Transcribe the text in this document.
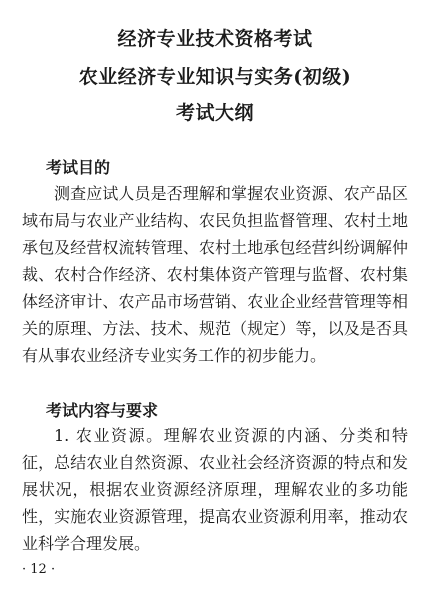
经济专业技术资格考试
农业经济专业知识与实务(初级)
考试大纲
考试目的

测查应试人员是否理解和掌握农业资源、农产品区域布局与农业产业结构、农民负担监督管理、农村土地承包及经营权流转管理、农村土地承包经营纠纷调解仲裁、农村合作经济、农村集体资产管理与监督、农村集体经济审计、农产品市场营销、农业企业经营管理等相关的原理、方法、技术、规范（规定）等，以及是否具有从事农业经济专业实务工作的初步能力。

考试内容与要求

1. 农业资源。理解农业资源的内涵、分类和特征，总结农业自然资源、农业社会经济资源的特点和发展状况，根据农业资源经济原理，理解农业的多功能性，实施农业资源管理，提高农业资源利用率，推动农业科学合理发展。

· 12 ·
